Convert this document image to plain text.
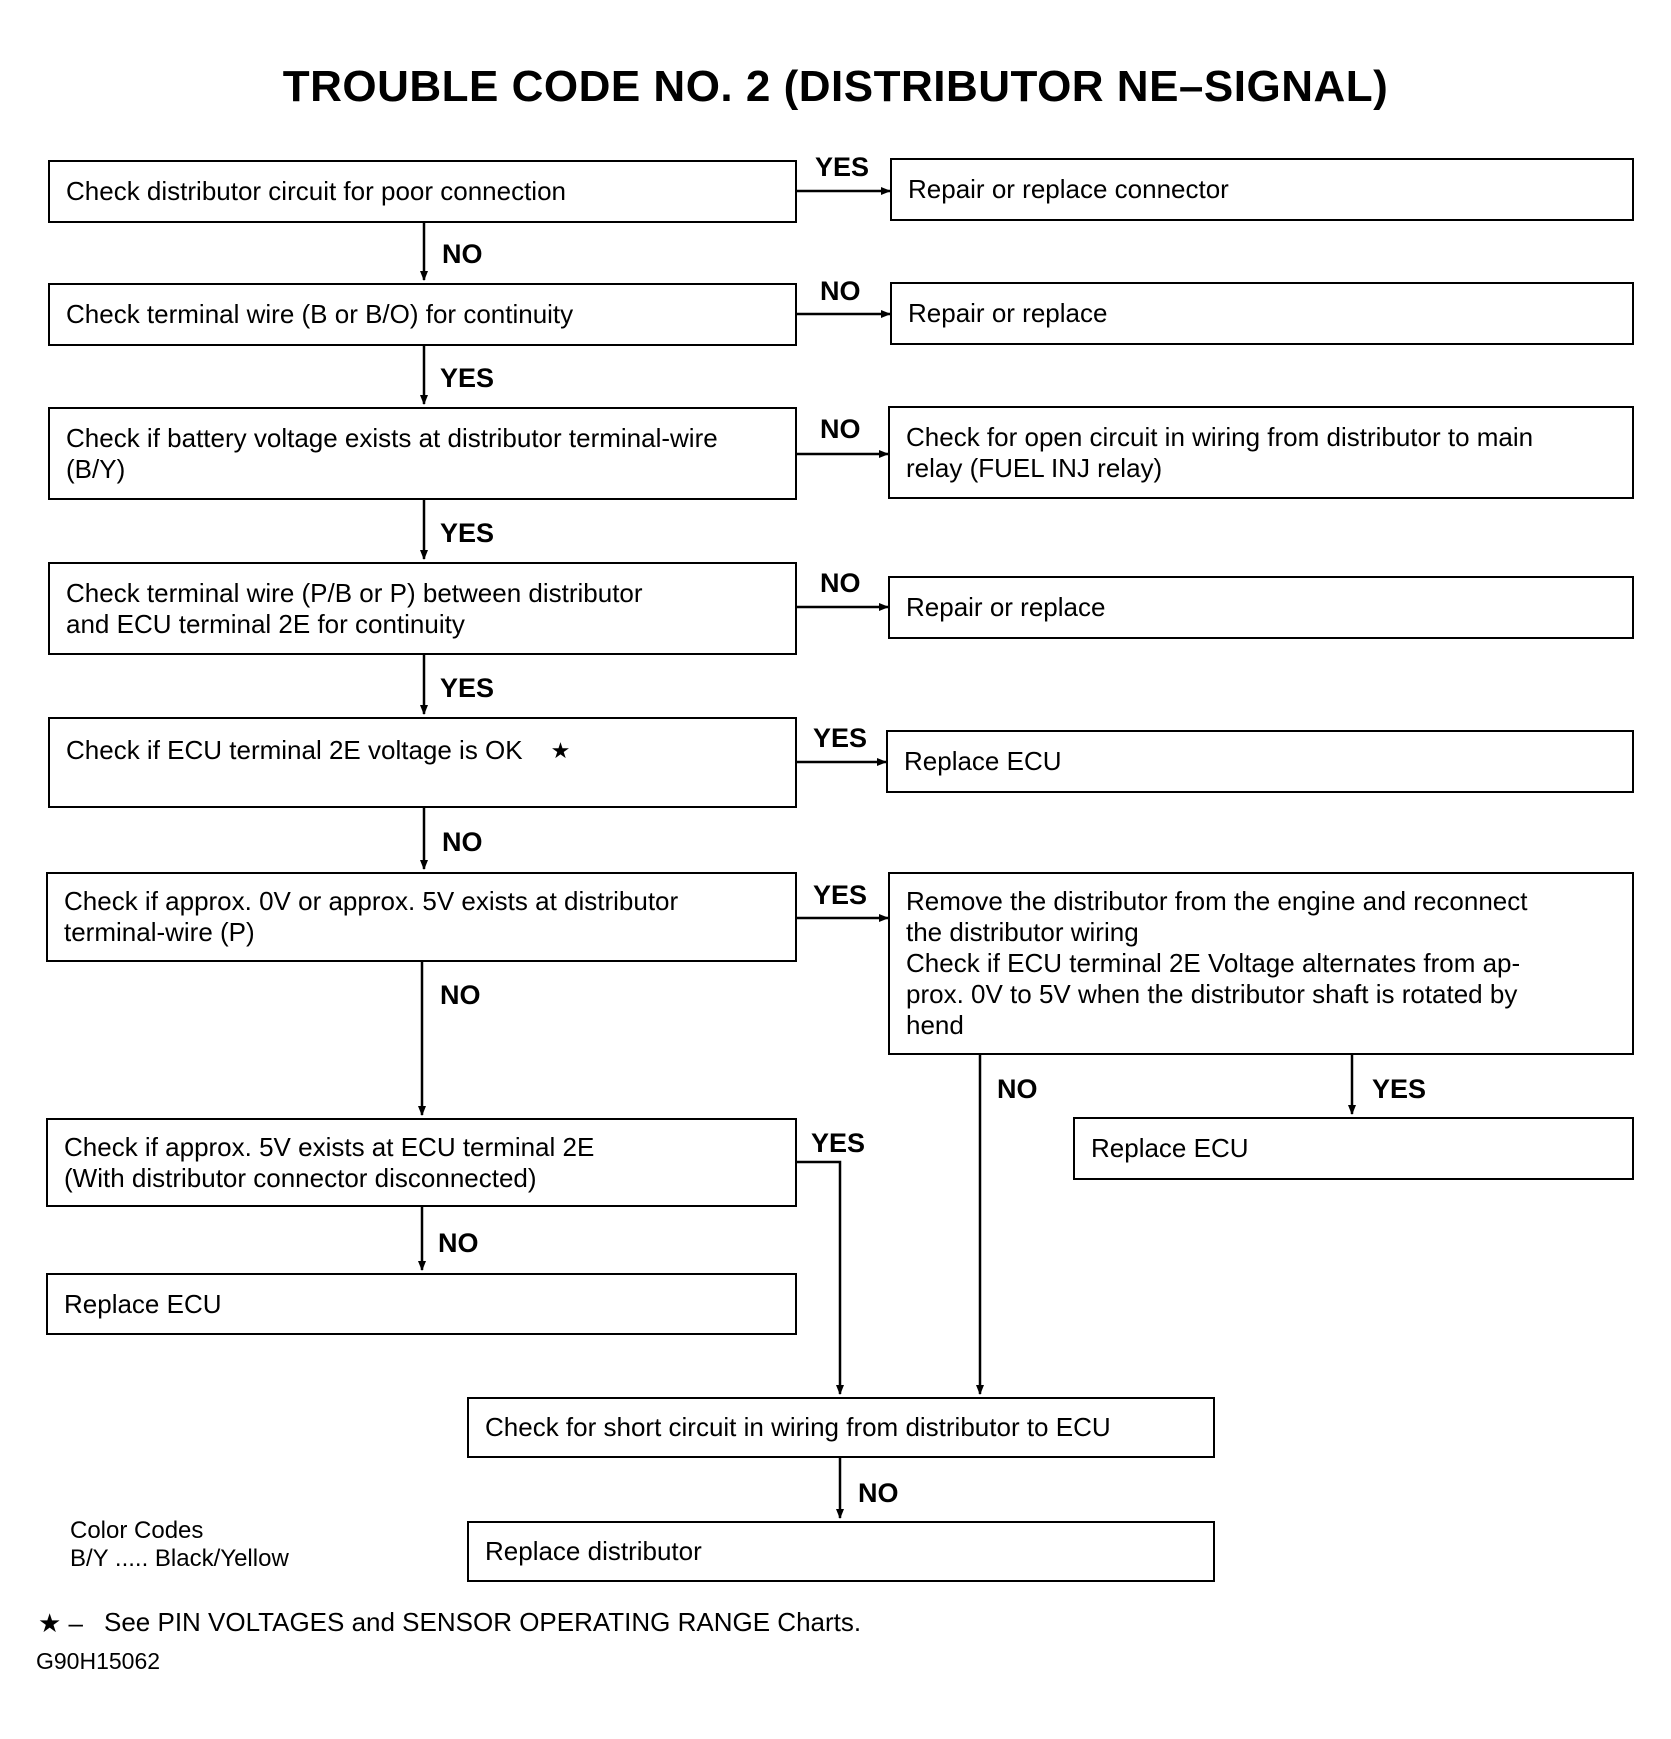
TROUBLE CODE NO. 2 (DISTRIBUTOR NE–SIGNAL)
Check distributor circuit for poor connection	Repair or replace connector
YES
NO
Check terminal wire (B or B/O) for continuity	Repair or replace
NO
YES
Check if battery voltage exists at distributor terminal-wire
(B/Y)
Check for open circuit in wiring from distributor to main
relay (FUEL INJ relay)
NO
YES
Check terminal wire (P/B or P) between distributor
and ECU terminal 2E for continuity
Repair or replace
NO
YES
Check if ECU terminal 2E voltage is OK ★	Replace ECU
YES
NO
Check if approx. 0V or approx. 5V exists at distributor
terminal-wire (P)
Remove the distributor from the engine and reconnect
the distributor wiring
Check if ECU terminal 2E Voltage alternates from ap-
prox. 0V to 5V when the distributor shaft is rotated by
hend
YES
NO
NO	YES
Replace ECU
Check if approx. 5V exists at ECU terminal 2E
(With distributor connector disconnected)
YES
NO
Replace ECU
Check for short circuit in wiring from distributor to ECU
NO
Replace distributor
Color Codes
B/Y ..... Black/Yellow
★ – See PIN VOLTAGES and SENSOR OPERATING RANGE Charts.
G90H15062
